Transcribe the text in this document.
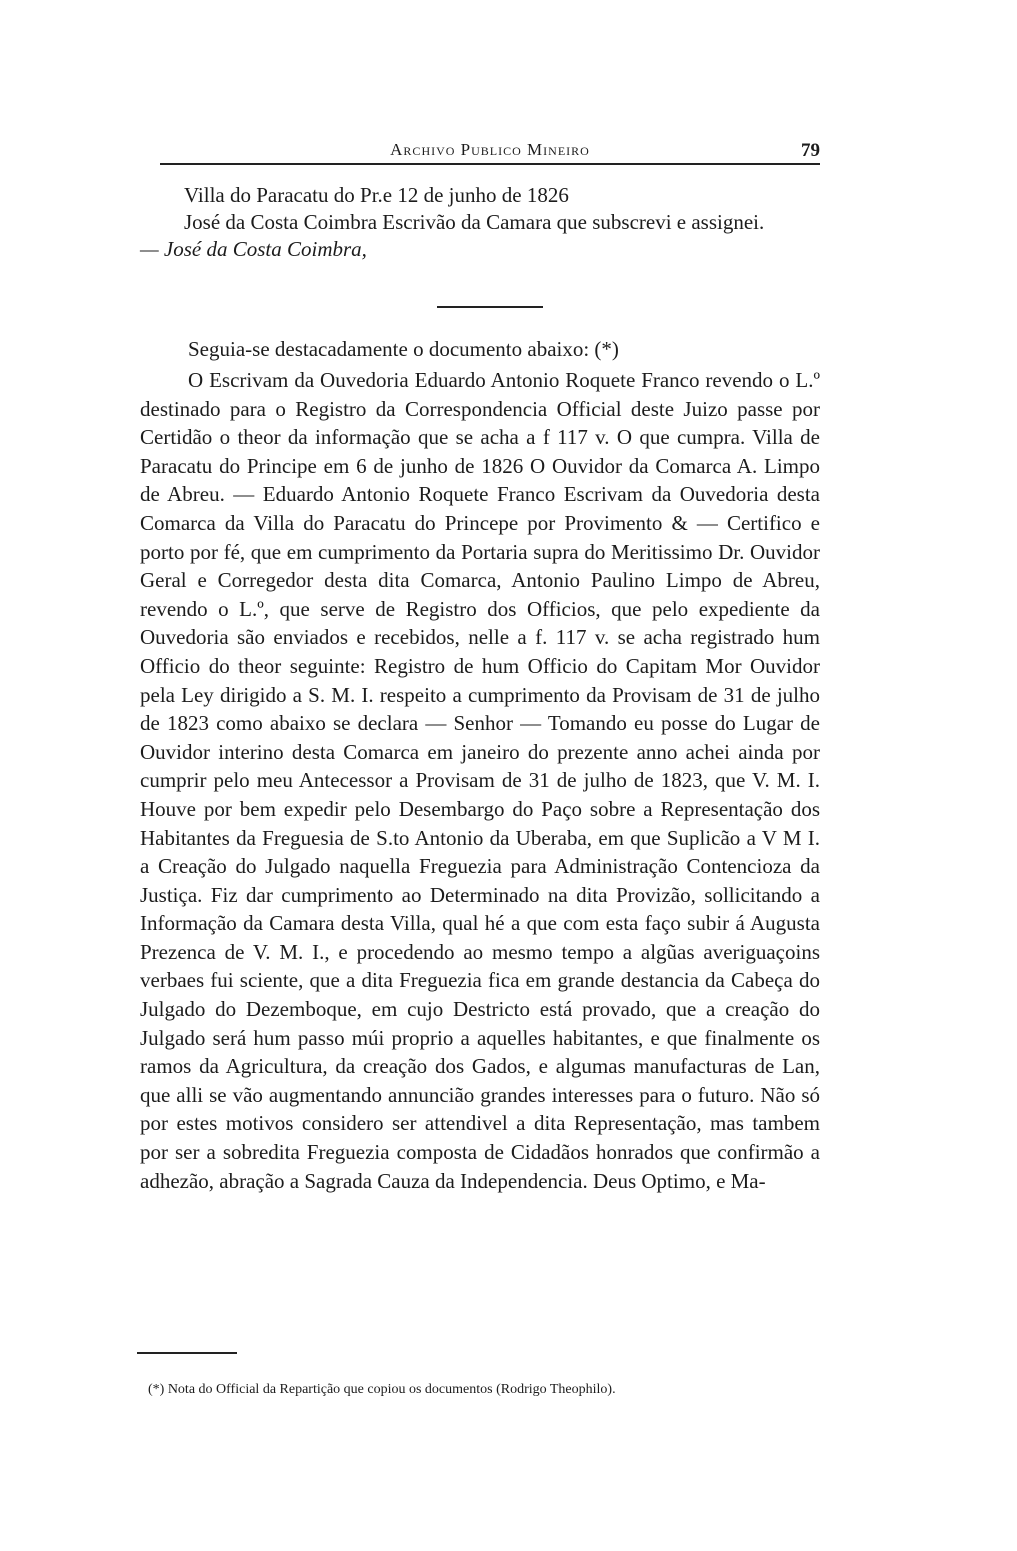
Archivo Publico Mineiro	79

Villa do Paracatu do Pr.e 12 de junho de 1826

José da Costa Coimbra Escrivão da Camara que subscrevi e assignei.

— José da Costa Coimbra,

Seguia-se destacadamente o documento abaixo: (*)

O Escrivam da Ouvedoria Eduardo Antonio Roquete Franco revendo o L.º destinado para o Registro da Correspondencia Official deste Juizo passe por Certidão o theor da informação que se acha a f 117 v. O que cumpra. Villa de Paracatu do Principe em 6 de junho de 1826 O Ouvidor da Comarca A. Limpo de Abreu. — Eduardo Antonio Roquete Franco Escrivam da Ouvedoria desta Comarca da Villa do Paracatu do Princepe por Provimento & — Certifico e porto por fé, que em cumprimento da Portaria supra do Meritissimo Dr. Ouvidor Geral e Corregedor desta dita Comarca, Antonio Paulino Limpo de Abreu, revendo o L.º, que serve de Registro dos Officios, que pelo expediente da Ouvedoria são enviados e recebidos, nelle a f. 117 v. se acha registrado hum Officio do theor seguinte: Registro de hum Officio do Capitam Mor Ouvidor pela Ley dirigido a S. M. I. respeito a cumprimento da Provisam de 31 de julho de 1823 como abaixo se declara — Senhor — Tomando eu posse do Lugar de Ouvidor interino desta Comarca em janeiro do prezente anno achei ainda por cumprir pelo meu Antecessor a Provisam de 31 de julho de 1823, que V. M. I. Houve por bem expedir pelo Desembargo do Paço sobre a Representação dos Habitantes da Freguesia de S.to Antonio da Uberaba, em que Suplicão a V M I. a Creação do Julgado naquella Freguezia para Administração Contencioza da Justiça. Fiz dar cumprimento ao Determinado na dita Provizão, sollicitando a Informação da Camara desta Villa, qual hé a que com esta faço subir á Augusta Prezenca de V. M. I., e procedendo ao mesmo tempo a algũas averiguaçoins verbaes fui sciente, que a dita Freguezia fica em grande destancia da Cabeça do Julgado do Dezemboque, em cujo Destricto está provado, que a creação do Julgado será hum passo múi proprio a aquelles habitantes, e que finalmente os ramos da Agricultura, da creação dos Gados, e algumas manufacturas de Lan, que alli se vão augmentando annuncião grandes interesses para o futuro. Não só por estes motivos considero ser attendivel a dita Representação, mas tambem por ser a sobredita Freguezia composta de Cidadãos honrados que confirmão a adhezão, abração a Sagrada Cauza da Independencia. Deus Optimo, e Ma-

(*) Nota do Official da Repartição que copiou os documentos (Rodrigo Theophilo).
